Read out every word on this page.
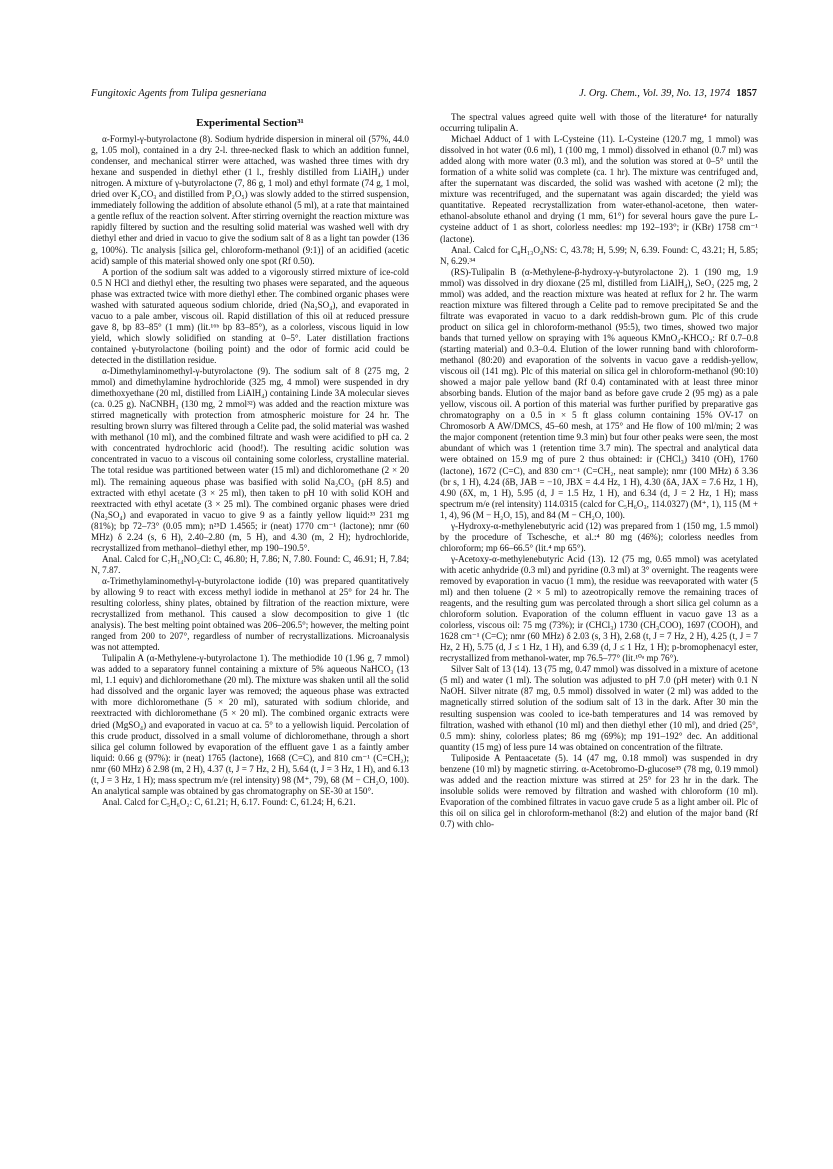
Fungitoxic Agents from Tulipa gesneriana	J. Org. Chem., Vol. 39, No. 13, 1974 1857
Experimental Section³¹

α-Formyl-γ-butyrolactone (8). Sodium hydride dispersion in mineral oil (57%, 44.0 g, 1.05 mol), contained in a dry 2-l. three-necked flask to which an addition funnel, condenser, and mechanical stirrer were attached, was washed three times with dry hexane and suspended in diethyl ether (1 l., freshly distilled from LiAlH₄) under nitrogen. A mixture of γ-butyrolactone (7, 86 g, 1 mol) and ethyl formate (74 g, 1 mol, dried over K₂CO₃ and distilled from P₂O₅) was slowly added to the stirred suspension, immediately following the addition of absolute ethanol (5 ml), at a rate that maintained a gentle reflux of the reaction solvent. After stirring overnight the reaction mixture was rapidly filtered by suction and the resulting solid material was washed well with dry diethyl ether and dried in vacuo to give the sodium salt of 8 as a light tan powder (136 g, 100%). Tlc analysis [silica gel, chloroform-methanol (9:1)] of an acidified (acetic acid) sample of this material showed only one spot (Rf 0.50).

A portion of the sodium salt was added to a vigorously stirred mixture of ice-cold 0.5 N HCl and diethyl ether, the resulting two phases were separated, and the aqueous phase was extracted twice with more diethyl ether. The combined organic phases were washed with saturated aqueous sodium chloride, dried (Na₂SO₄), and evaporated in vacuo to a pale amber, viscous oil. Rapid distillation of this oil at reduced pressure gave 8, bp 83–85° (1 mm) (lit.¹⁶ᵇ bp 83–85°), as a colorless, viscous liquid in low yield, which slowly solidified on standing at 0–5°. Later distillation fractions contained γ-butyrolactone (boiling point) and the odor of formic acid could be detected in the distillation residue.

α-Dimethylaminomethyl-γ-butyrolactone (9). The sodium salt of 8 (275 mg, 2 mmol) and dimethylamine hydrochloride (325 mg, 4 mmol) were suspended in dry dimethoxyethane (20 ml, distilled from LiAlH₄) containing Linde 3A molecular sieves (ca. 0.25 g). NaCNBH₃ (130 mg, 2 mmol³²) was added and the reaction mixture was stirred magnetically with protection from atmospheric moisture for 24 hr. The resulting brown slurry was filtered through a Celite pad, the solid material was washed with methanol (10 ml), and the combined filtrate and wash were acidified to pH ca. 2 with concentrated hydrochloric acid (hood!). The resulting acidic solution was concentrated in vacuo to a viscous oil containing some colorless, crystalline material. The total residue was partitioned between water (15 ml) and dichloromethane (2 × 20 ml). The remaining aqueous phase was basified with solid Na₂CO₃ (pH 8.5) and extracted with ethyl acetate (3 × 25 ml), then taken to pH 10 with solid KOH and reextracted with ethyl acetate (3 × 25 ml). The combined organic phases were dried (Na₂SO₄) and evaporated in vacuo to give 9 as a faintly yellow liquid:³³ 231 mg (81%); bp 72–73° (0.05 mm); n²⁵D 1.4565; ir (neat) 1770 cm⁻¹ (lactone); nmr (60 MHz) δ 2.24 (s, 6 H), 2.40–2.80 (m, 5 H), and 4.30 (m, 2 H); hydrochloride, recrystallized from methanol–diethyl ether, mp 190–190.5°.

Anal. Calcd for C₇H₁₄NO₂Cl: C, 46.80; H, 7.86; N, 7.80. Found: C, 46.91; H, 7.84; N, 7.87.

α-Trimethylaminomethyl-γ-butyrolactone iodide (10) was prepared quantitatively by allowing 9 to react with excess methyl iodide in methanol at 25° for 24 hr. The resulting colorless, shiny plates, obtained by filtration of the reaction mixture, were recrystallized from methanol. This caused a slow decomposition to give 1 (tlc analysis). The best melting point obtained was 206–206.5°; however, the melting point ranged from 200 to 207°, regardless of number of recrystallizations. Microanalysis was not attempted.

Tulipalin A (α-Methylene-γ-butyrolactone 1). The methiodide 10 (1.96 g, 7 mmol) was added to a separatory funnel containing a mixture of 5% aqueous NaHCO₃ (13 ml, 1.1 equiv) and dichloromethane (20 ml). The mixture was shaken until all the solid had dissolved and the organic layer was removed; the aqueous phase was extracted with more dichloromethane (5 × 20 ml), saturated with sodium chloride, and reextracted with dichloromethane (5 × 20 ml). The combined organic extracts were dried (MgSO₄) and evaporated in vacuo at ca. 5° to a yellowish liquid. Percolation of this crude product, dissolved in a small volume of dichloromethane, through a short silica gel column followed by evaporation of the effluent gave 1 as a faintly amber liquid: 0.66 g (97%): ir (neat) 1765 (lactone), 1668 (C=C), and 810 cm⁻¹ (C=CH₂); nmr (60 MHz) δ 2.98 (m, 2 H), 4.37 (t, J = 7 Hz, 2 H), 5.64 (t, J = 3 Hz, 1 H), and 6.13 (t, J = 3 Hz, 1 H); mass spectrum m/e (rel intensity) 98 (M⁺, 79), 68 (M − CH₂O, 100). An analytical sample was obtained by gas chromatography on SE-30 at 150°.

Anal. Calcd for C₅H₆O₂: C, 61.21; H, 6.17. Found: C, 61.24; H, 6.21.

The spectral values agreed quite well with those of the literature⁴ for naturally occurring tulipalin A.

Michael Adduct of 1 with L-Cysteine (11). L-Cysteine (120.7 mg, 1 mmol) was dissolved in hot water (0.6 ml), 1 (100 mg, 1 mmol) dissolved in ethanol (0.7 ml) was added along with more water (0.3 ml), and the solution was stored at 0–5° until the formation of a white solid was complete (ca. 1 hr). The mixture was centrifuged and, after the supernatant was discarded, the solid was washed with acetone (2 ml); the mixture was recentrifuged, and the supernatant was again discarded; the yield was quantitative. Repeated recrystallization from water-ethanol-acetone, then water-ethanol-absolute ethanol and drying (1 mm, 61°) for several hours gave the pure L-cysteine adduct of 1 as short, colorless needles: mp 192–193°; ir (KBr) 1758 cm⁻¹ (lactone).

Anal. Calcd for C₈H₁₃O₄NS: C, 43.78; H, 5.99; N, 6.39. Found: C, 43.21; H, 5.85; N, 6.29.³⁴

(RS)-Tulipalin B (α-Methylene-β-hydroxy-γ-butyrolactone 2). 1 (190 mg, 1.9 mmol) was dissolved in dry dioxane (25 ml, distilled from LiAlH₄), SeO₂ (225 mg, 2 mmol) was added, and the reaction mixture was heated at reflux for 2 hr. The warm reaction mixture was filtered through a Celite pad to remove precipitated Se and the filtrate was evaporated in vacuo to a dark reddish-brown gum. Plc of this crude product on silica gel in chloroform-methanol (95:5), two times, showed two major bands that turned yellow on spraying with 1% aqueous KMnO₄-KHCO₃: Rf 0.7–0.8 (starting material) and 0.3–0.4. Elution of the lower running band with chloroform-methanol (80:20) and evaporation of the solvents in vacuo gave a reddish-yellow, viscous oil (141 mg). Plc of this material on silica gel in chloroform-methanol (90:10) showed a major pale yellow band (Rf 0.4) contaminated with at least three minor absorbing bands. Elution of the major band as before gave crude 2 (95 mg) as a pale yellow, viscous oil. A portion of this material was further purified by preparative gas chromatography on a 0.5 in × 5 ft glass column containing 15% OV-17 on Chromosorb A AW/DMCS, 45–60 mesh, at 175° and He flow of 100 ml/min; 2 was the major component (retention time 9.3 min) but four other peaks were seen, the most abundant of which was 1 (retention time 3.7 min). The spectral and analytical data were obtained on 15.9 mg of pure 2 thus obtained: ir (CHCl₃) 3410 (OH), 1760 (lactone), 1672 (C=C), and 830 cm⁻¹ (C=CH₂, neat sample); nmr (100 MHz) δ 3.36 (br s, 1 H), 4.24 (δB, JAB = −10, JBX = 4.4 Hz, 1 H), 4.30 (δA, JAX = 7.6 Hz, 1 H), 4.90 (δX, m, 1 H), 5.95 (d, J = 1.5 Hz, 1 H), and 6.34 (d, J = 2 Hz, 1 H); mass spectrum m/e (rel intensity) 114.0315 (calcd for C₅H₆O₃, 114.0327) (M⁺, 1), 115 (M + 1, 4), 96 (M − H₂O, 15), and 84 (M − CH₂O, 100).

γ-Hydroxy-α-methylenebutyric acid (12) was prepared from 1 (150 mg, 1.5 mmol) by the procedure of Tschesche, et al.:⁴ 80 mg (46%); colorless needles from chloroform; mp 66–66.5° (lit.⁴ mp 65°).

γ-Acetoxy-α-methylenebutyric Acid (13). 12 (75 mg, 0.65 mmol) was acetylated with acetic anhydride (0.3 ml) and pyridine (0.3 ml) at 3° overnight. The reagents were removed by evaporation in vacuo (1 mm), the residue was reevaporated with water (5 ml) and then toluene (2 × 5 ml) to azeotropically remove the remaining traces of reagents, and the resulting gum was percolated through a short silica gel column as a chloroform solution. Evaporation of the column effluent in vacuo gave 13 as a colorless, viscous oil: 75 mg (73%); ir (CHCl₃) 1730 (CH₃COO), 1697 (COOH), and 1628 cm⁻¹ (C=C); nmr (60 MHz) δ 2.03 (s, 3 H), 2.68 (t, J = 7 Hz, 2 H), 4.25 (t, J = 7 Hz, 2 H), 5.75 (d, J ≤ 1 Hz, 1 H), and 6.39 (d, J ≤ 1 Hz, 1 H); p-bromophenacyl ester, recrystallized from methanol-water, mp 76.5–77° (lit.¹⁰ᵃ mp 76°).

Silver Salt of 13 (14). 13 (75 mg, 0.47 mmol) was dissolved in a mixture of acetone (5 ml) and water (1 ml). The solution was adjusted to pH 7.0 (pH meter) with 0.1 N NaOH. Silver nitrate (87 mg, 0.5 mmol) dissolved in water (2 ml) was added to the magnetically stirred solution of the sodium salt of 13 in the dark. After 30 min the resulting suspension was cooled to ice-bath temperatures and 14 was removed by filtration, washed with ethanol (10 ml) and then diethyl ether (10 ml), and dried (25°, 0.5 mm): shiny, colorless plates; 86 mg (69%); mp 191–192° dec. An additional quantity (15 mg) of less pure 14 was obtained on concentration of the filtrate.

Tuliposide A Pentaacetate (5). 14 (47 mg, 0.18 mmol) was suspended in dry benzene (10 ml) by magnetic stirring. α-Acetobromo-D-glucose³⁵ (78 mg, 0.19 mmol) was added and the reaction mixture was stirred at 25° for 23 hr in the dark. The insoluble solids were removed by filtration and washed with chloroform (10 ml). Evaporation of the combined filtrates in vacuo gave crude 5 as a light amber oil. Plc of this oil on silica gel in chloroform-methanol (8:2) and elution of the major band (Rf 0.7) with chlo-
